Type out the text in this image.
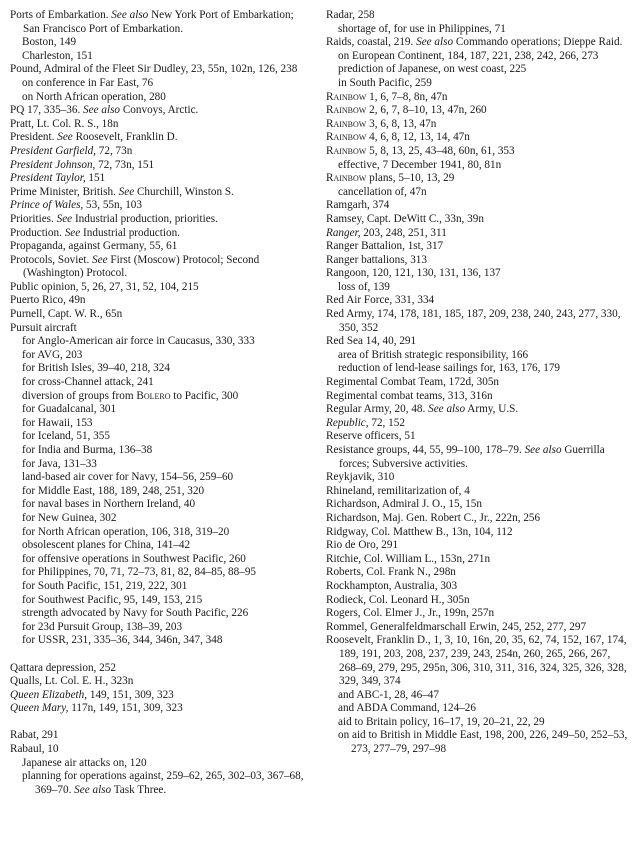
Ports of Embarkation. See also New York Port of Embarkation; San Francisco Port of Embarkation.
Boston, 149
Charleston, 151
Pound, Admiral of the Fleet Sir Dudley, 23, 55n, 102n, 126, 238
on conference in Far East, 76
on North African operation, 280
PQ 17, 335–36. See also Convoys, Arctic.
Pratt, Lt. Col. R. S., 18n
President. See Roosevelt, Franklin D.
President Garfield, 72, 73n
President Johnson, 72, 73n, 151
President Taylor, 151
Prime Minister, British. See Churchill, Winston S.
Prince of Wales, 53, 55n, 103
Priorities. See Industrial production, priorities.
Production. See Industrial production.
Propaganda, against Germany, 55, 61
Protocols, Soviet. See First (Moscow) Protocol; Second (Washington) Protocol.
Public opinion, 5, 26, 27, 31, 52, 104, 215
Puerto Rico, 49n
Purnell, Capt. W. R., 65n
Pursuit aircraft
for Anglo-American air force in Caucasus, 330, 333
for AVG, 203
for British Isles, 39–40, 218, 324
for cross-Channel attack, 241
diversion of groups from Bolero to Pacific, 300
for Guadalcanal, 301
for Hawaii, 153
for Iceland, 51, 355
for India and Burma, 136–38
for Java, 131–33
land-based air cover for Navy, 154–56, 259–60
for Middle East, 188, 189, 248, 251, 320
for naval bases in Northern Ireland, 40
for New Guinea, 302
for North African operation, 106, 318, 319–20
obsolescent planes for China, 141–42
for offensive operations in Southwest Pacific, 260
for Philippines, 70, 71, 72–73, 81, 82, 84–85, 88–95
for South Pacific, 151, 219, 222, 301
for Southwest Pacific, 95, 149, 153, 215
strength advocated by Navy for South Pacific, 226
for 23d Pursuit Group, 138–39, 203
for USSR, 231, 335–36, 344, 346n, 347, 348
Qattara depression, 252
Qualls, Lt. Col. E. H., 323n
Queen Elizabeth, 149, 151, 309, 323
Queen Mary, 117n, 149, 151, 309, 323
Rabat, 291
Rabaul, 10
Japanese air attacks on, 120
planning for operations against, 259–62, 265, 302–03, 367–68, 369–70. See also Task Three.
Radar, 258
shortage of, for use in Philippines, 71
Raids, coastal, 219. See also Commando operations; Dieppe Raid.
on European Continent, 184, 187, 221, 238, 242, 266, 273
prediction of Japanese, on west coast, 225
in South Pacific, 259
Rainbow 1, 6, 7–8, 8n, 47n
Rainbow 2, 6, 7, 8–10, 13, 47n, 260
Rainbow 3, 6, 8, 13, 47n
Rainbow 4, 6, 8, 12, 13, 14, 47n
Rainbow 5, 8, 13, 25, 43–48, 60n, 61, 353
effective, 7 December 1941, 80, 81n
Rainbow plans, 5–10, 13, 29
cancellation of, 47n
Ramgarh, 374
Ramsey, Capt. DeWitt C., 33n, 39n
Ranger, 203, 248, 251, 311
Ranger Battalion, 1st, 317
Ranger battalions, 313
Rangoon, 120, 121, 130, 131, 136, 137
loss of, 139
Red Air Force, 331, 334
Red Army, 174, 178, 181, 185, 187, 209, 238, 240, 243, 277, 330, 350, 352
Red Sea 14, 40, 291
area of British strategic responsibility, 166
reduction of lend-lease sailings for, 163, 176, 179
Regimental Combat Team, 172d, 305n
Regimental combat teams, 313, 316n
Regular Army, 20, 48. See also Army, U.S.
Republic, 72, 152
Reserve officers, 51
Resistance groups, 44, 55, 99–100, 178–79. See also Guerrilla forces; Subversive activities.
Reykjavik, 310
Rhineland, remilitarization of, 4
Richardson, Admiral J. O., 15, 15n
Richardson, Maj. Gen. Robert C., Jr., 222n, 256
Ridgway, Col. Matthew B., 13n, 104, 112
Rio de Oro, 291
Ritchie, Col. William L., 153n, 271n
Roberts, Col. Frank N., 298n
Rockhampton, Australia, 303
Rodieck, Col. Leonard H., 305n
Rogers, Col. Elmer J., Jr., 199n, 257n
Rommel, Generalfeldmarschall Erwin, 245, 252, 277, 297
Roosevelt, Franklin D., 1, 3, 10, 16n, 20, 35, 62, 74, 152, 167, 174, 189, 191, 203, 208, 237, 239, 243, 254n, 260, 265, 266, 267, 268–69, 279, 295, 295n, 306, 310, 311, 316, 324, 325, 326, 328, 329, 349, 374
and ABC-1, 28, 46–47
and ABDA Command, 124–26
aid to Britain policy, 16–17, 19, 20–21, 22, 29
on aid to British in Middle East, 198, 200, 226, 249–50, 252–53, 273, 277–79, 297–98
